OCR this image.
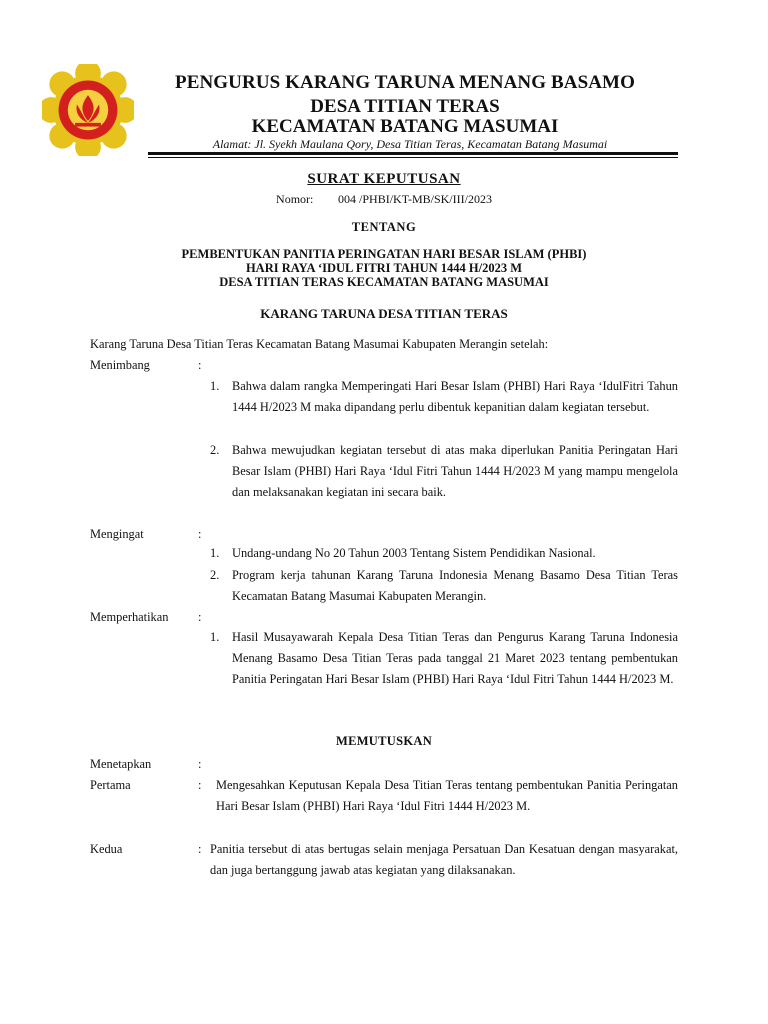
PENGURUS KARANG TARUNA MENANG BASAMO
DESA TITIAN TERAS
KECAMATAN BATANG MASUMAI
Alamat: Jl. Syekh Maulana Qory, Desa Titian Teras, Kecamatan Batang Masumai
SURAT KEPUTUSAN
Nomor: 004 /PHBI/KT-MB/SK/III/2023
TENTANG
PEMBENTUKAN PANITIA PERINGATAN HARI BESAR ISLAM (PHBI)
HARI RAYA ‘IDUL FITRI TAHUN 1444 H/2023 M
DESA TITIAN TERAS KECAMATAN BATANG MASUMAI
KARANG TARUNA DESA TITIAN TERAS
Karang Taruna Desa Titian Teras Kecamatan Batang Masumai Kabupaten Merangin setelah:
Menimbang	:
1.	Bahwa dalam rangka Memperingati Hari Besar Islam (PHBI) Hari Raya ‘IdulFitri Tahun 1444 H/2023 M maka dipandang perlu dibentuk kepanitian dalam kegiatan tersebut.
2.	Bahwa mewujudkan kegiatan tersebut di atas maka diperlukan Panitia Peringatan Hari Besar Islam (PHBI) Hari Raya ‘Idul Fitri Tahun 1444 H/2023 M yang mampu mengelola dan melaksanakan kegiatan ini secara baik.
Mengingat	:
1.	Undang-undang No 20 Tahun 2003 Tentang Sistem Pendidikan Nasional.
2.	Program kerja tahunan Karang Taruna Indonesia Menang Basamo Desa Titian Teras Kecamatan Batang Masumai Kabupaten Merangin.
Memperhatikan :
1.	Hasil Musayawarah Kepala Desa Titian Teras dan Pengurus Karang Taruna Indonesia Menang Basamo Desa Titian Teras pada tanggal 21 Maret 2023 tentang pembentukan Panitia Peringatan Hari Besar Islam (PHBI) Hari Raya ‘Idul Fitri Tahun 1444 H/2023 M.
MEMUTUSKAN
Menetapkan	:
Pertama	: Mengesahkan Keputusan Kepala Desa Titian Teras tentang pembentukan Panitia Peringatan Hari Besar Islam (PHBI) Hari Raya ‘Idul Fitri 1444 H/2023 M.
Kedua	: Panitia tersebut di atas bertugas selain menjaga Persatuan Dan Kesatuan dengan masyarakat, dan juga bertanggung jawab atas kegiatan yang dilaksanakan.
